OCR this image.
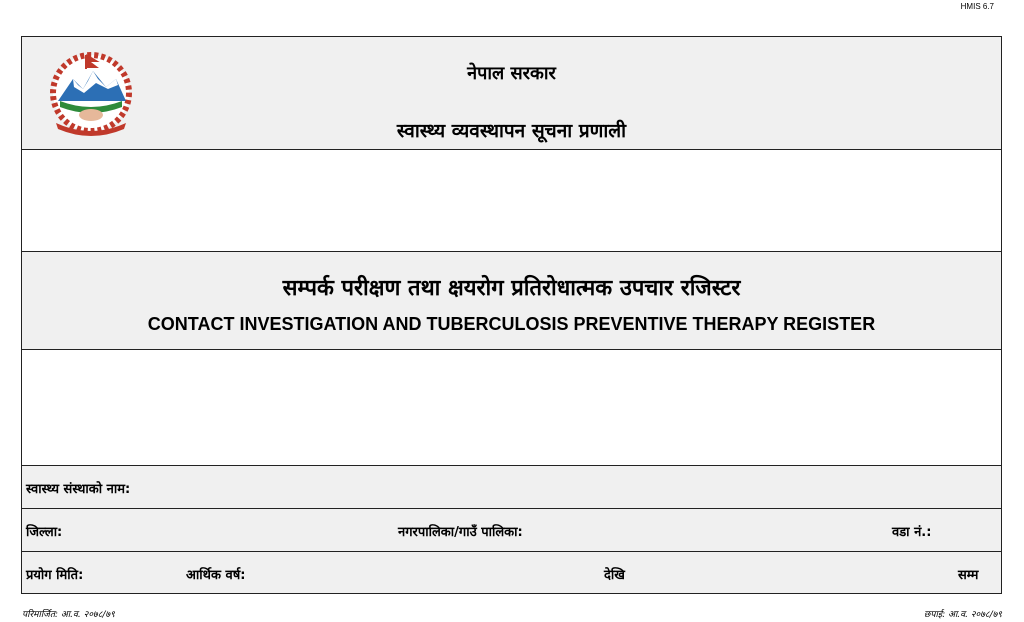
HMIS 6.7
नेपाल सरकार
स्वास्थ्य व्यवस्थापन सूचना प्रणाली
सम्पर्क परीक्षण तथा क्षयरोग प्रतिरोधात्मक उपचार रजिस्टर
CONTACT INVESTIGATION AND TUBERCULOSIS PREVENTIVE THERAPY REGISTER
स्वास्थ्य संस्थाको नाम:
जिल्ला:	नगरपालिका/गाउँ पालिका:	वडा नं.:
प्रयोग मिति:	आर्थिक वर्ष:	देखि	सम्म
परिमार्जित: आ.व. २०७८/७९	छपाई: आ.व. २०७८/७९
